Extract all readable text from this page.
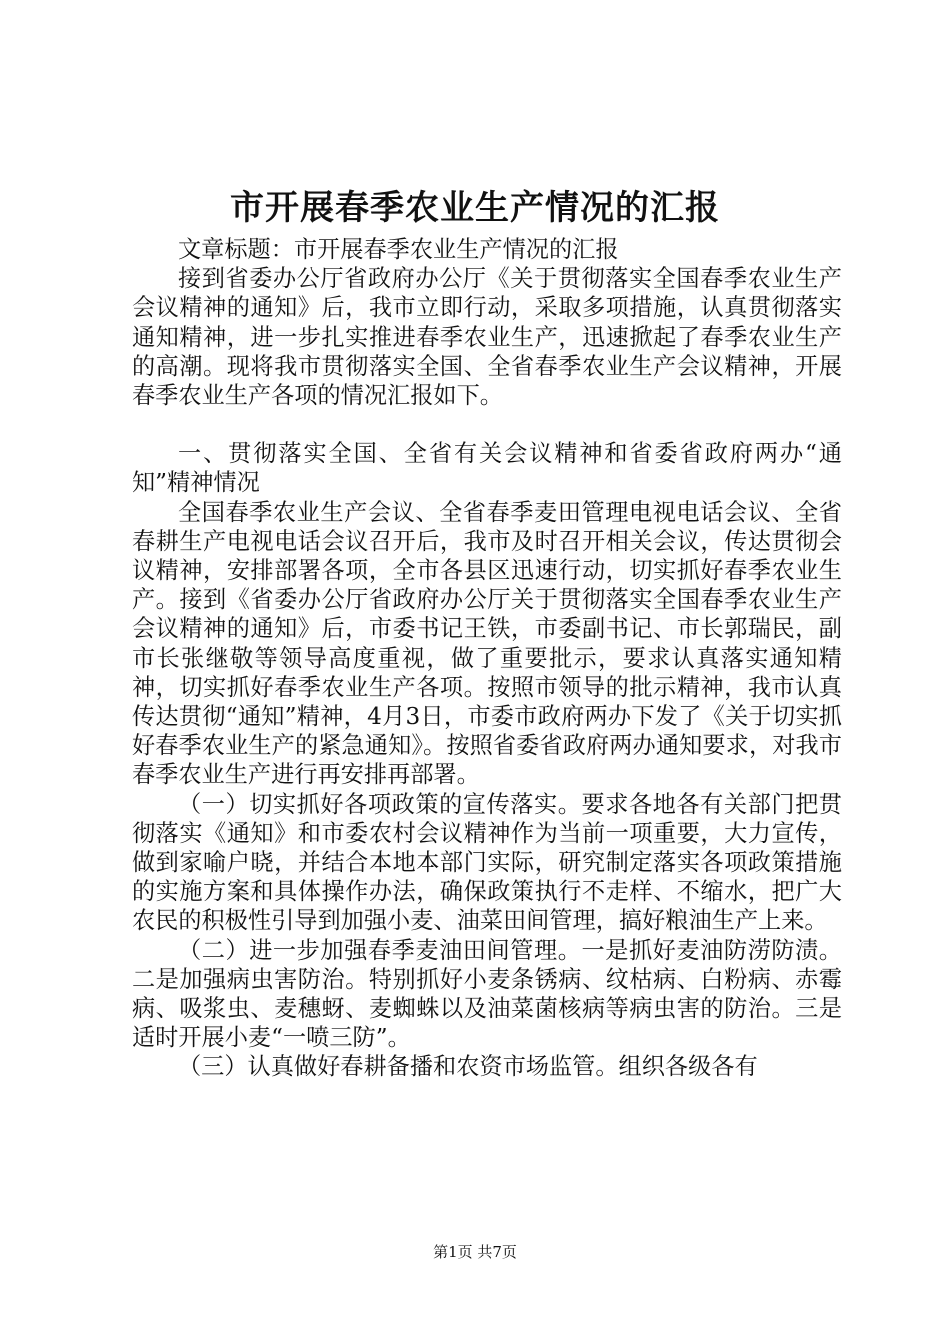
市开展春季农业生产情况的汇报

文章标题：市开展春季农业生产情况的汇报

接到省委办公厅省政府办公厅《关于贯彻落实全国春季农业生产会议精神的通知》后，我市立即行动，采取多项措施，认真贯彻落实通知精神，进一步扎实推进春季农业生产，迅速掀起了春季农业生产的高潮。现将我市贯彻落实全国、全省春季农业生产会议精神，开展春季农业生产各项的情况汇报如下。

一、贯彻落实全国、全省有关会议精神和省委省政府两办“通知”精神情况

全国春季农业生产会议、全省春季麦田管理电视电话会议、全省春耕生产电视电话会议召开后，我市及时召开相关会议，传达贯彻会议精神，安排部署各项，全市各县区迅速行动，切实抓好春季农业生产。接到《省委办公厅省政府办公厅关于贯彻落实全国春季农业生产会议精神的通知》后，市委书记王铁，市委副书记、市长郭瑞民，副市长张继敬等领导高度重视，做了重要批示，要求认真落实通知精神，切实抓好春季农业生产各项。按照市领导的批示精神，我市认真传达贯彻“通知”精神，4月3日，市委市政府两办下发了《关于切实抓好春季农业生产的紧急通知》。按照省委省政府两办通知要求，对我市春季农业生产进行再安排再部署。

（一）切实抓好各项政策的宣传落实。要求各地各有关部门把贯彻落实《通知》和市委农村会议精神作为当前一项重要，大力宣传，做到家喻户晓，并结合本地本部门实际，研究制定落实各项政策措施的实施方案和具体操作办法，确保政策执行不走样、不缩水，把广大农民的积极性引导到加强小麦、油菜田间管理，搞好粮油生产上来。

（二）进一步加强春季麦油田间管理。一是抓好麦油防涝防渍。二是加强病虫害防治。特别抓好小麦条锈病、纹枯病、白粉病、赤霉病、吸浆虫、麦穗蚜、麦蜘蛛以及油菜菌核病等病虫害的防治。三是适时开展小麦“一喷三防”。

（三）认真做好春耕备播和农资市场监管。组织各级各有

第1页 共7页
